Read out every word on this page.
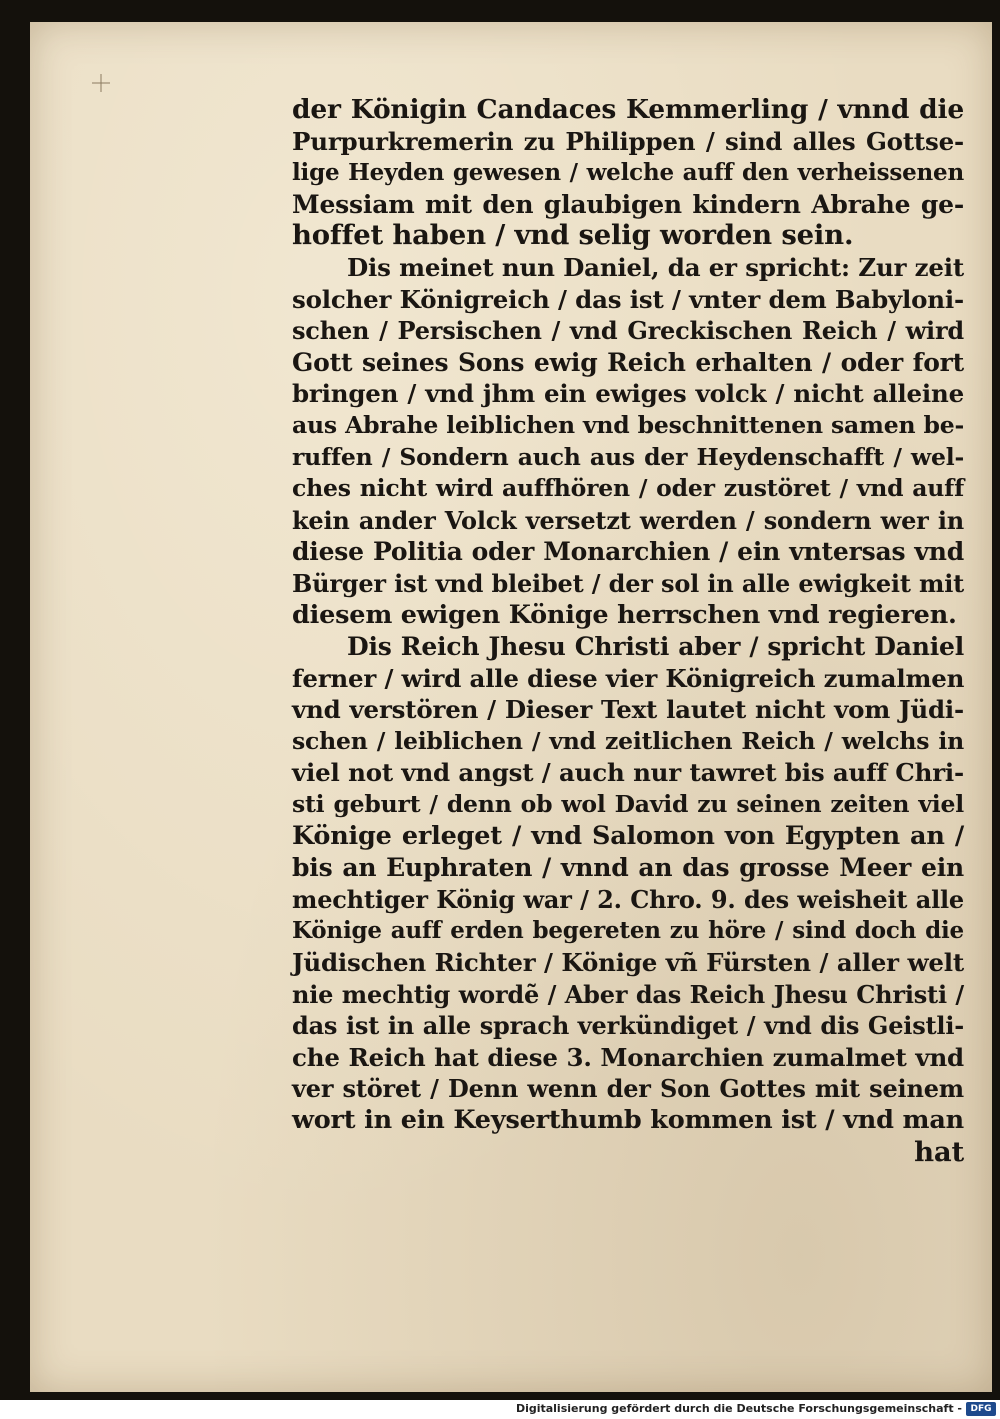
der Königin Candaces Kemmerling / vnnd die
Purpurkremerin zu Philippen / sind alles Gottse-
lige Heyden gewesen / welche auff den verheissenen
Messiam mit den glaubigen kindern Abrahe ge-
hoffet haben / vnd selig worden sein.
Dis meinet nun Daniel, da er spricht: Zur zeit
solcher Königreich / das ist / vnter dem Babyloni-
schen / Persischen / vnd Greckischen Reich / wird
Gott seines Sons ewig Reich erhalten / oder fort
bringen / vnd jhm ein ewiges volck / nicht alleine
aus Abrahe leiblichen vnd beschnittenen samen be-
ruffen / Sondern auch aus der Heydenschafft / wel-
ches nicht wird auffhören / oder zustöret / vnd auff
kein ander Volck versetzt werden / sondern wer in
diese Politia oder Monarchien / ein vntersas vnd
Bürger ist vnd bleibet / der sol in alle ewigkeit mit
diesem ewigen Könige herrschen vnd regieren.
Dis Reich Jhesu Christi aber / spricht Daniel
ferner / wird alle diese vier Königreich zumalmen
vnd verstören / Dieser Text lautet nicht vom Jüdi-
schen / leiblichen / vnd zeitlichen Reich / welchs in
viel not vnd angst / auch nur tawret bis auff Chri-
sti geburt / denn ob wol David zu seinen zeiten viel
Könige erleget / vnd Salomon von Egypten an /
bis an Euphraten / vnnd an das grosse Meer ein
mechtiger König war / 2. Chro. 9. des weisheit alle
Könige auff erden begereten zu höre / sind doch die
Jüdischen Richter / Könige vñ Fürsten / aller welt
nie mechtig wordẽ / Aber das Reich Jhesu Christi /
das ist in alle sprach verkündiget / vnd dis Geistli-
che Reich hat diese 3. Monarchien zumalmet vnd
ver störet / Denn wenn der Son Gottes mit seinem
wort in ein Keyserthumb kommen ist / vnd man
hat
Digitalisierung gefördert durch die Deutsche Forschungsgemeinschaft - DFG
